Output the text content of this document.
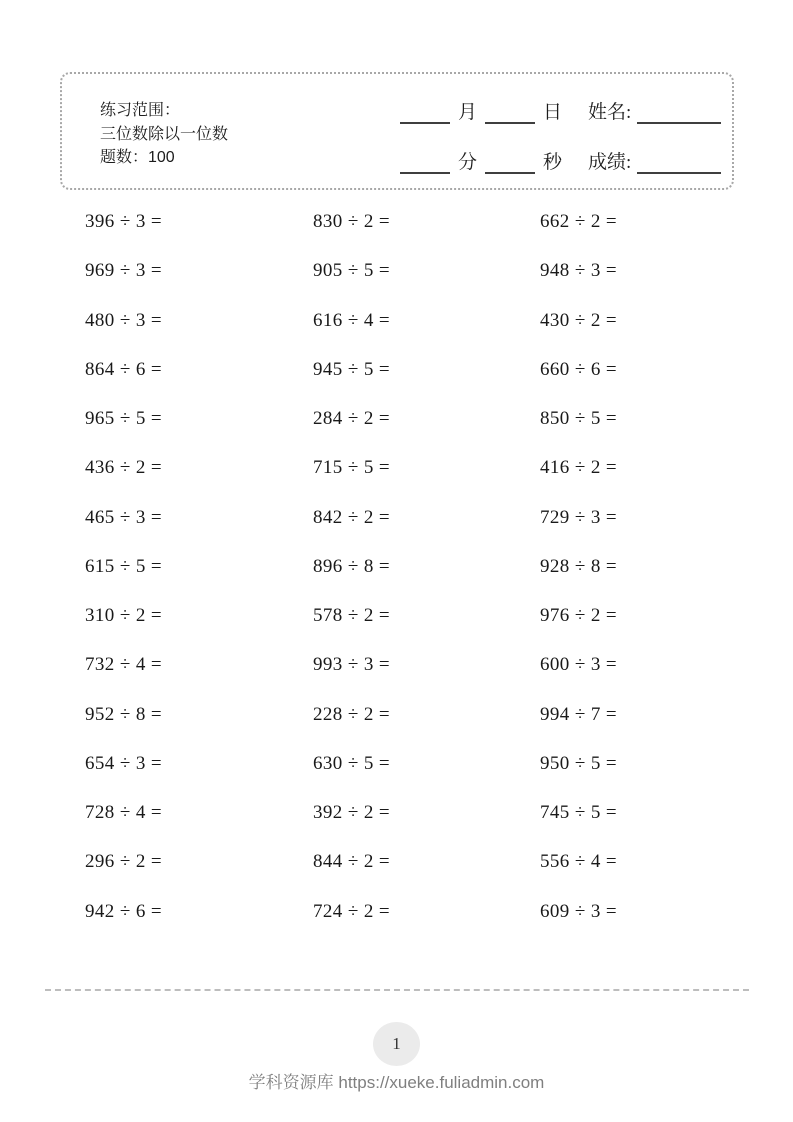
练习范围：
三位数除以一位数
题数：100
月	日 姓名:
分	秒 成绩:
396 ÷ 3 =	830 ÷ 2 =	662 ÷ 2 =
969 ÷ 3 =	905 ÷ 5 =	948 ÷ 3 =
480 ÷ 3 =	616 ÷ 4 =	430 ÷ 2 =
864 ÷ 6 =	945 ÷ 5 =	660 ÷ 6 =
965 ÷ 5 =	284 ÷ 2 =	850 ÷ 5 =
436 ÷ 2 =	715 ÷ 5 =	416 ÷ 2 =
465 ÷ 3 =	842 ÷ 2 =	729 ÷ 3 =
615 ÷ 5 =	896 ÷ 8 =	928 ÷ 8 =
310 ÷ 2 =	578 ÷ 2 =	976 ÷ 2 =
732 ÷ 4 =	993 ÷ 3 =	600 ÷ 3 =
952 ÷ 8 =	228 ÷ 2 =	994 ÷ 7 =
654 ÷ 3 =	630 ÷ 5 =	950 ÷ 5 =
728 ÷ 4 =	392 ÷ 2 =	745 ÷ 5 =
296 ÷ 2 =	844 ÷ 2 =	556 ÷ 4 =
942 ÷ 6 =	724 ÷ 2 =	609 ÷ 3 =
1
学科资源库 https://xueke.fuliadmin.com
